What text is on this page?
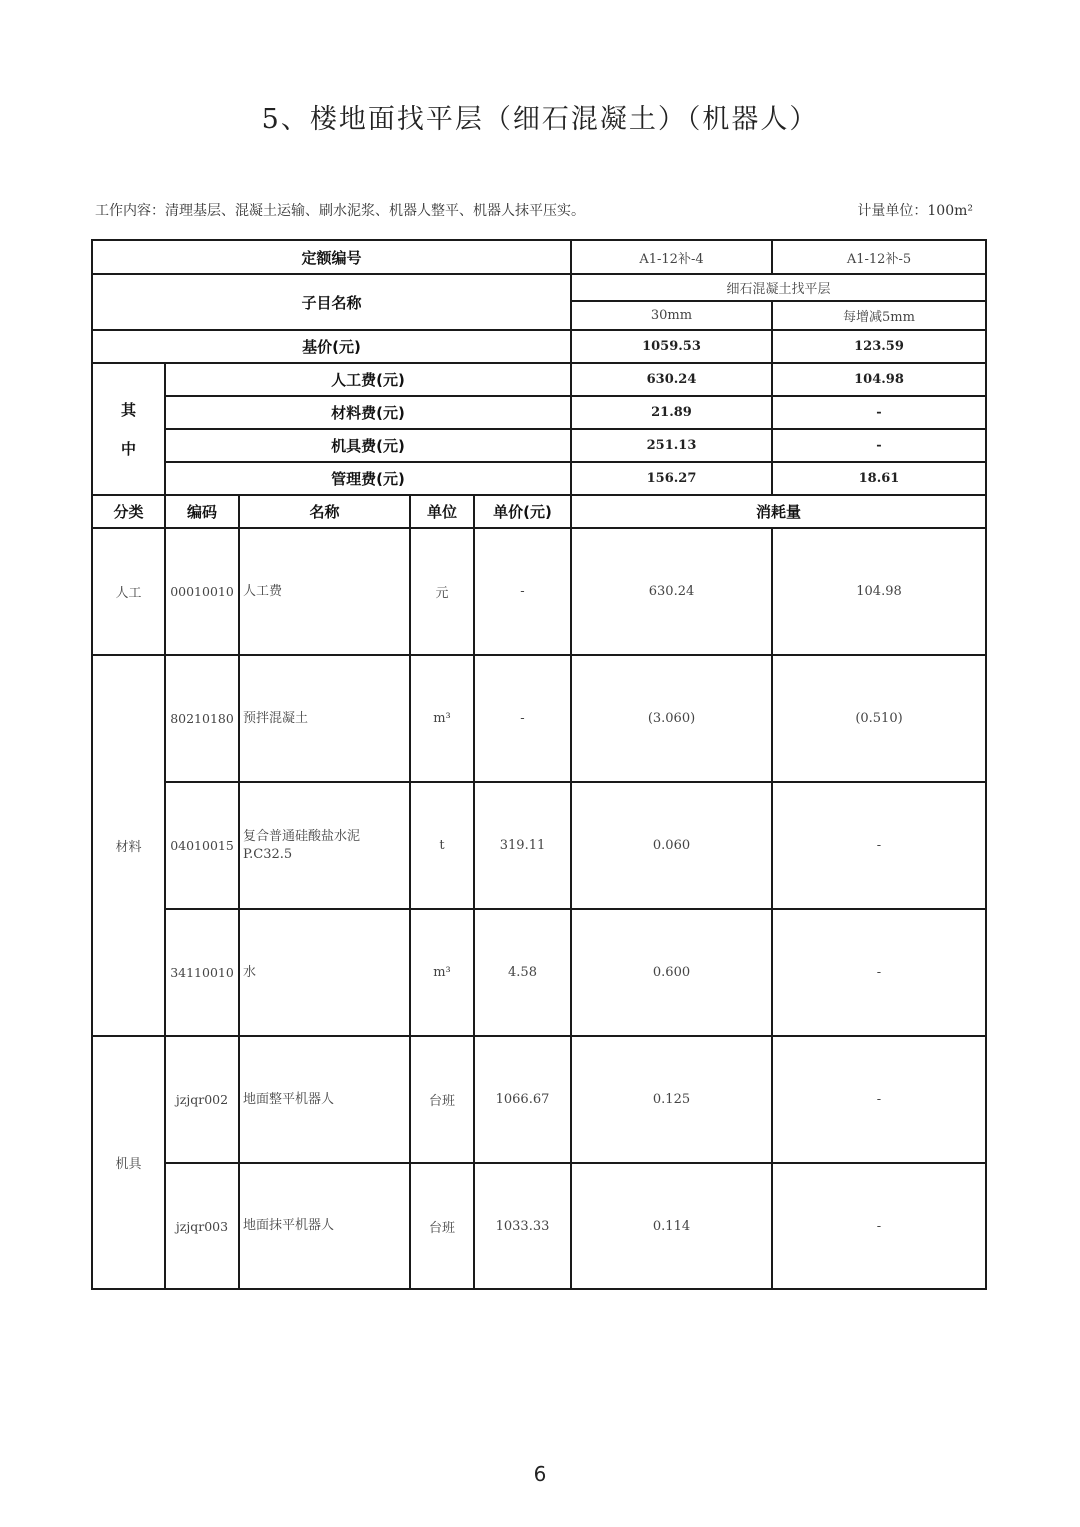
5、楼地面找平层（细石混凝土）（机器人）
工作内容：清理基层、混凝土运输、刷水泥浆、机器人整平、机器人抹平压实。	计量单位：100m²
定额编号					A1-12补-4	A1-12补-5
子目名称					细石混凝土找平层	
					30mm	每增减5mm
基价(元)					1059.53	123.59

其
中	人工费(元)				630.24	104.98
	材料费(元)				21.89	-
	机具费(元)				251.13	-
	管理费(元)				156.27	18.61
分类	编码	名称	单位	单价(元)	消耗量	
人工	00010010	人工费	元	-	630.24	104.98
材料	80210180	预拌混凝土	m³	-	(3.060)	(0.510)
	04010015	复合普通硅酸盐水泥
P.C32.5	t	319.11	0.060	-
	34110010	水	m³	4.58	0.600	-
机具	jzjqr002	地面整平机器人	台班	1066.67	0.125	-
	jzjqr003	地面抹平机器人	台班	1033.33	0.114	-
6
